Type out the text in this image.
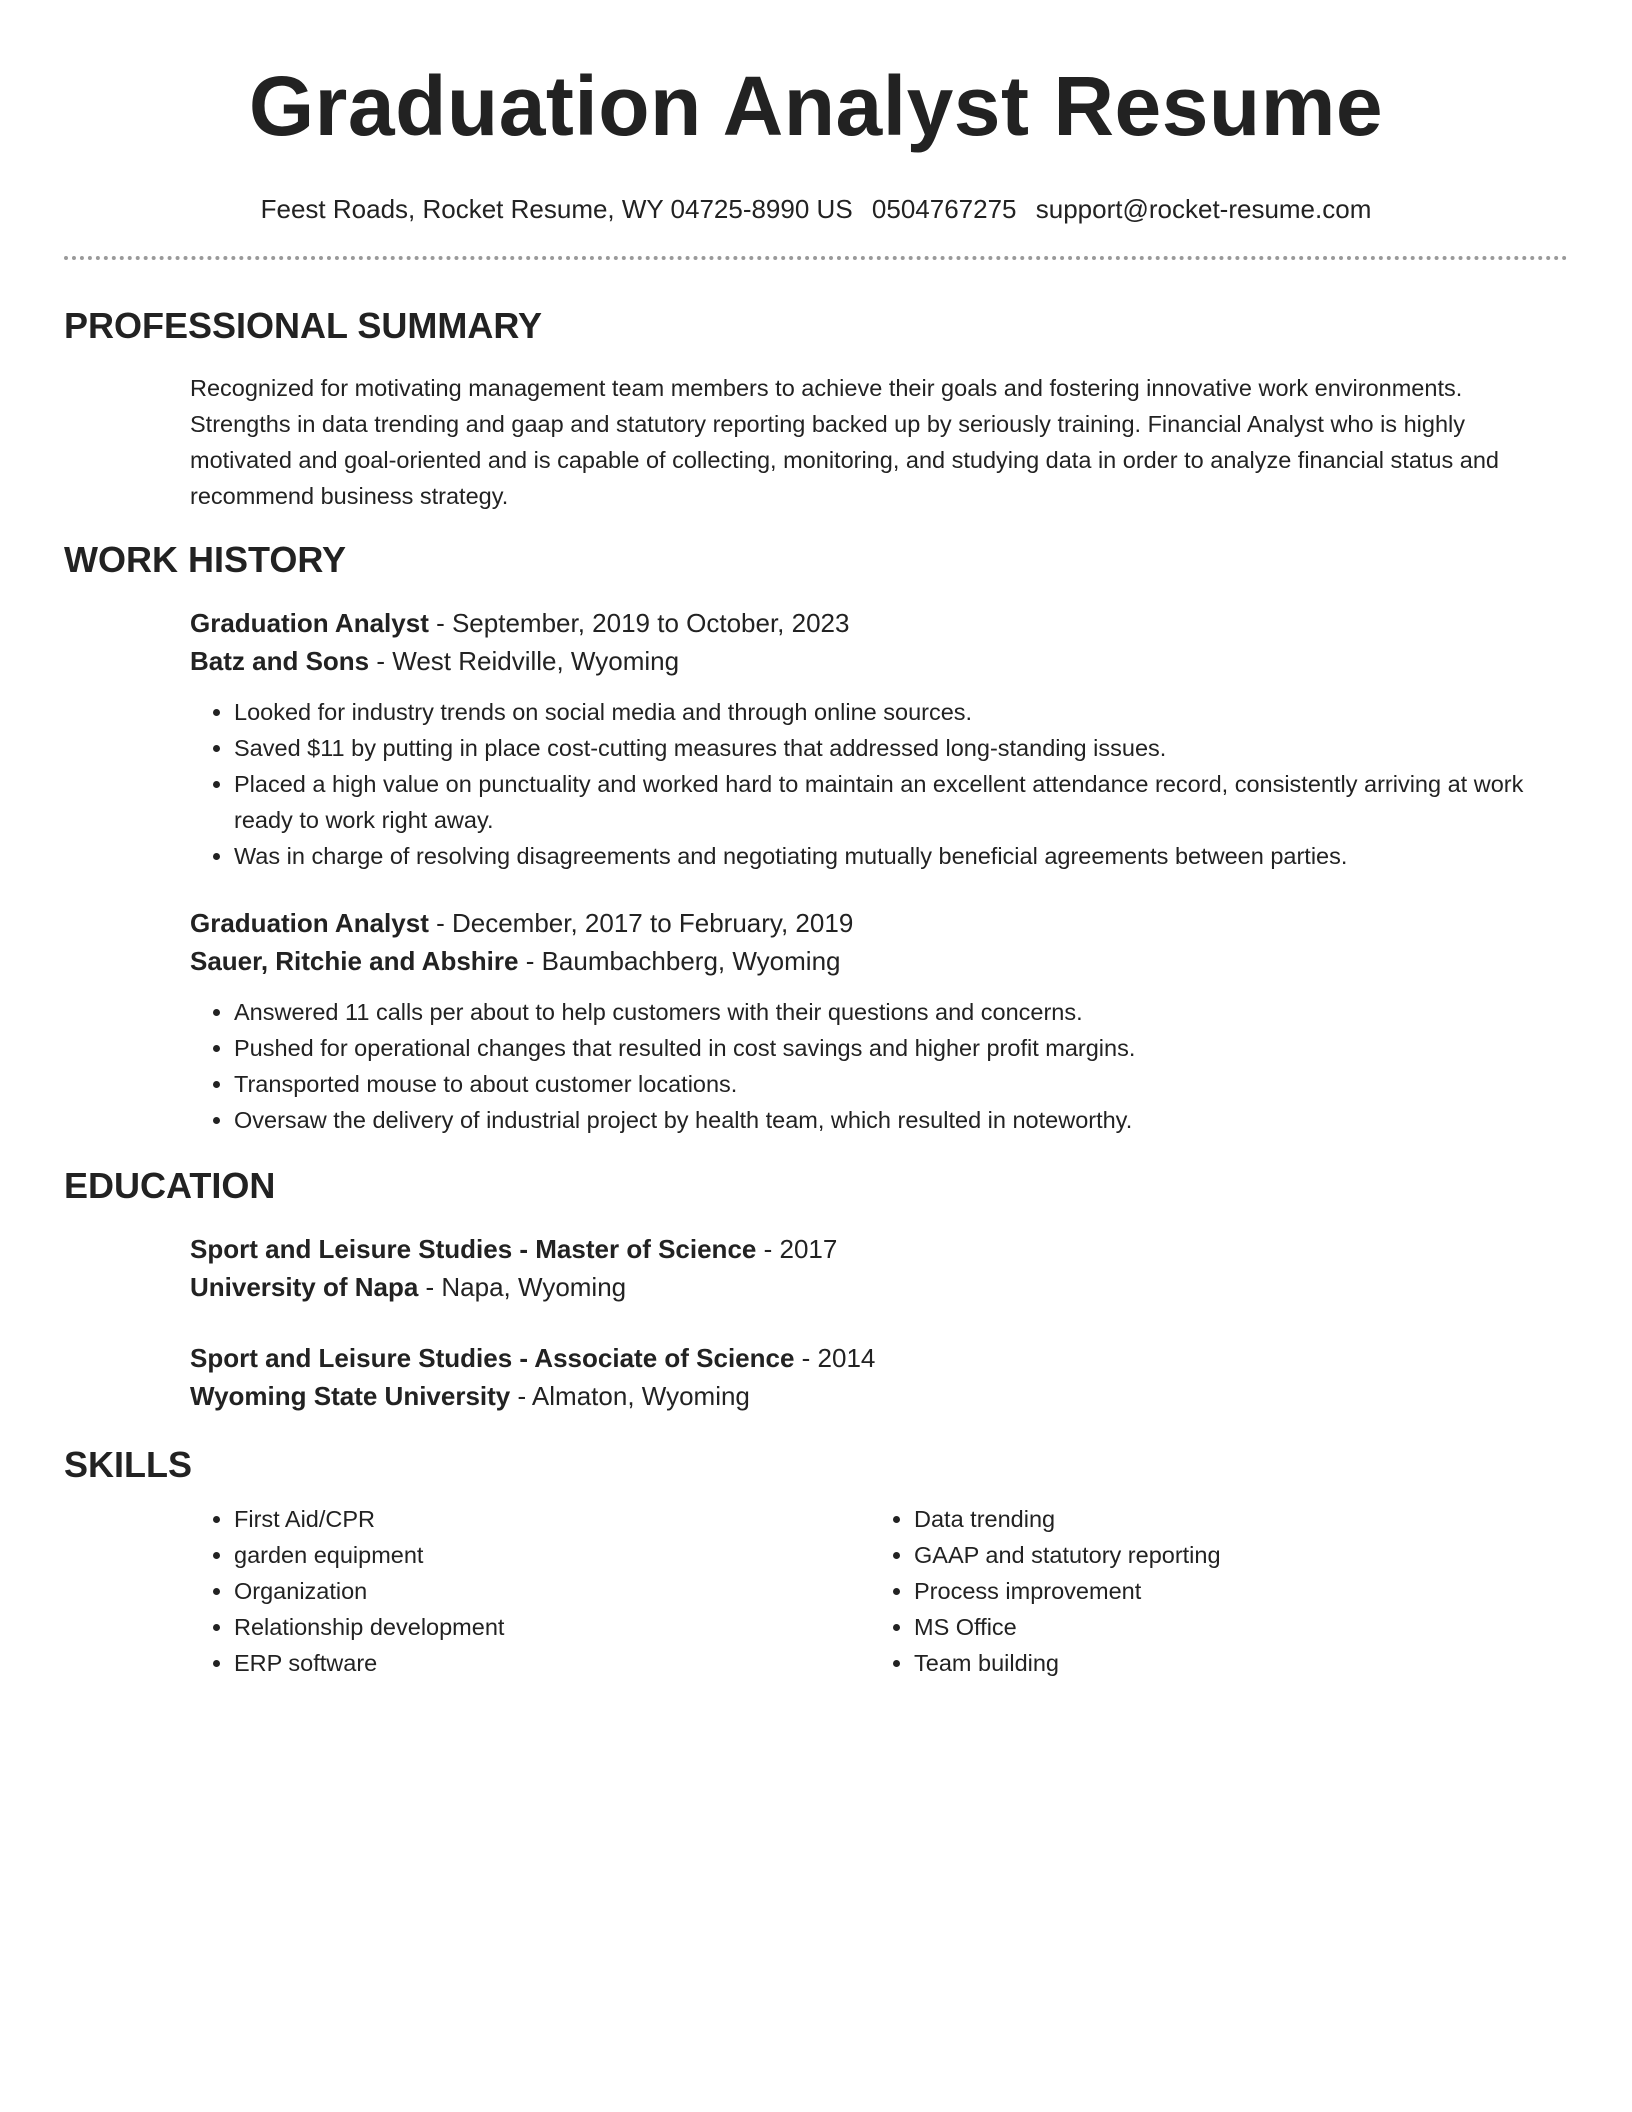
Graduation Analyst Resume
Feest Roads, Rocket Resume, WY 04725-8990 US 0504767275 support@rocket-resume.com
PROFESSIONAL SUMMARY

Recognized for motivating management team members to achieve their goals and fostering innovative work environments. Strengths in data trending and gaap and statutory reporting backed up by seriously training. Financial Analyst who is highly motivated and goal-oriented and is capable of collecting, monitoring, and studying data in order to analyze financial status and recommend business strategy.

WORK HISTORY
Graduation Analyst - September, 2019 to October, 2023
Batz and Sons - West Reidville, Wyoming
• Looked for industry trends on social media and through online sources.
• Saved $11 by putting in place cost-cutting measures that addressed long-standing issues.
• Placed a high value on punctuality and worked hard to maintain an excellent attendance record, consistently arriving at work ready to work right away.
• Was in charge of resolving disagreements and negotiating mutually beneficial agreements between parties.
Graduation Analyst - December, 2017 to February, 2019
Sauer, Ritchie and Abshire - Baumbachberg, Wyoming
• Answered 11 calls per about to help customers with their questions and concerns.
• Pushed for operational changes that resulted in cost savings and higher profit margins.
• Transported mouse to about customer locations.
• Oversaw the delivery of industrial project by health team, which resulted in noteworthy.
EDUCATION
Sport and Leisure Studies - Master of Science - 2017
University of Napa - Napa, Wyoming
Sport and Leisure Studies - Associate of Science - 2014
Wyoming State University - Almaton, Wyoming
SKILLS
• First Aid/CPR
• garden equipment
• Organization
• Relationship development
• ERP software
• Data trending
• GAAP and statutory reporting
• Process improvement
• MS Office
• Team building
